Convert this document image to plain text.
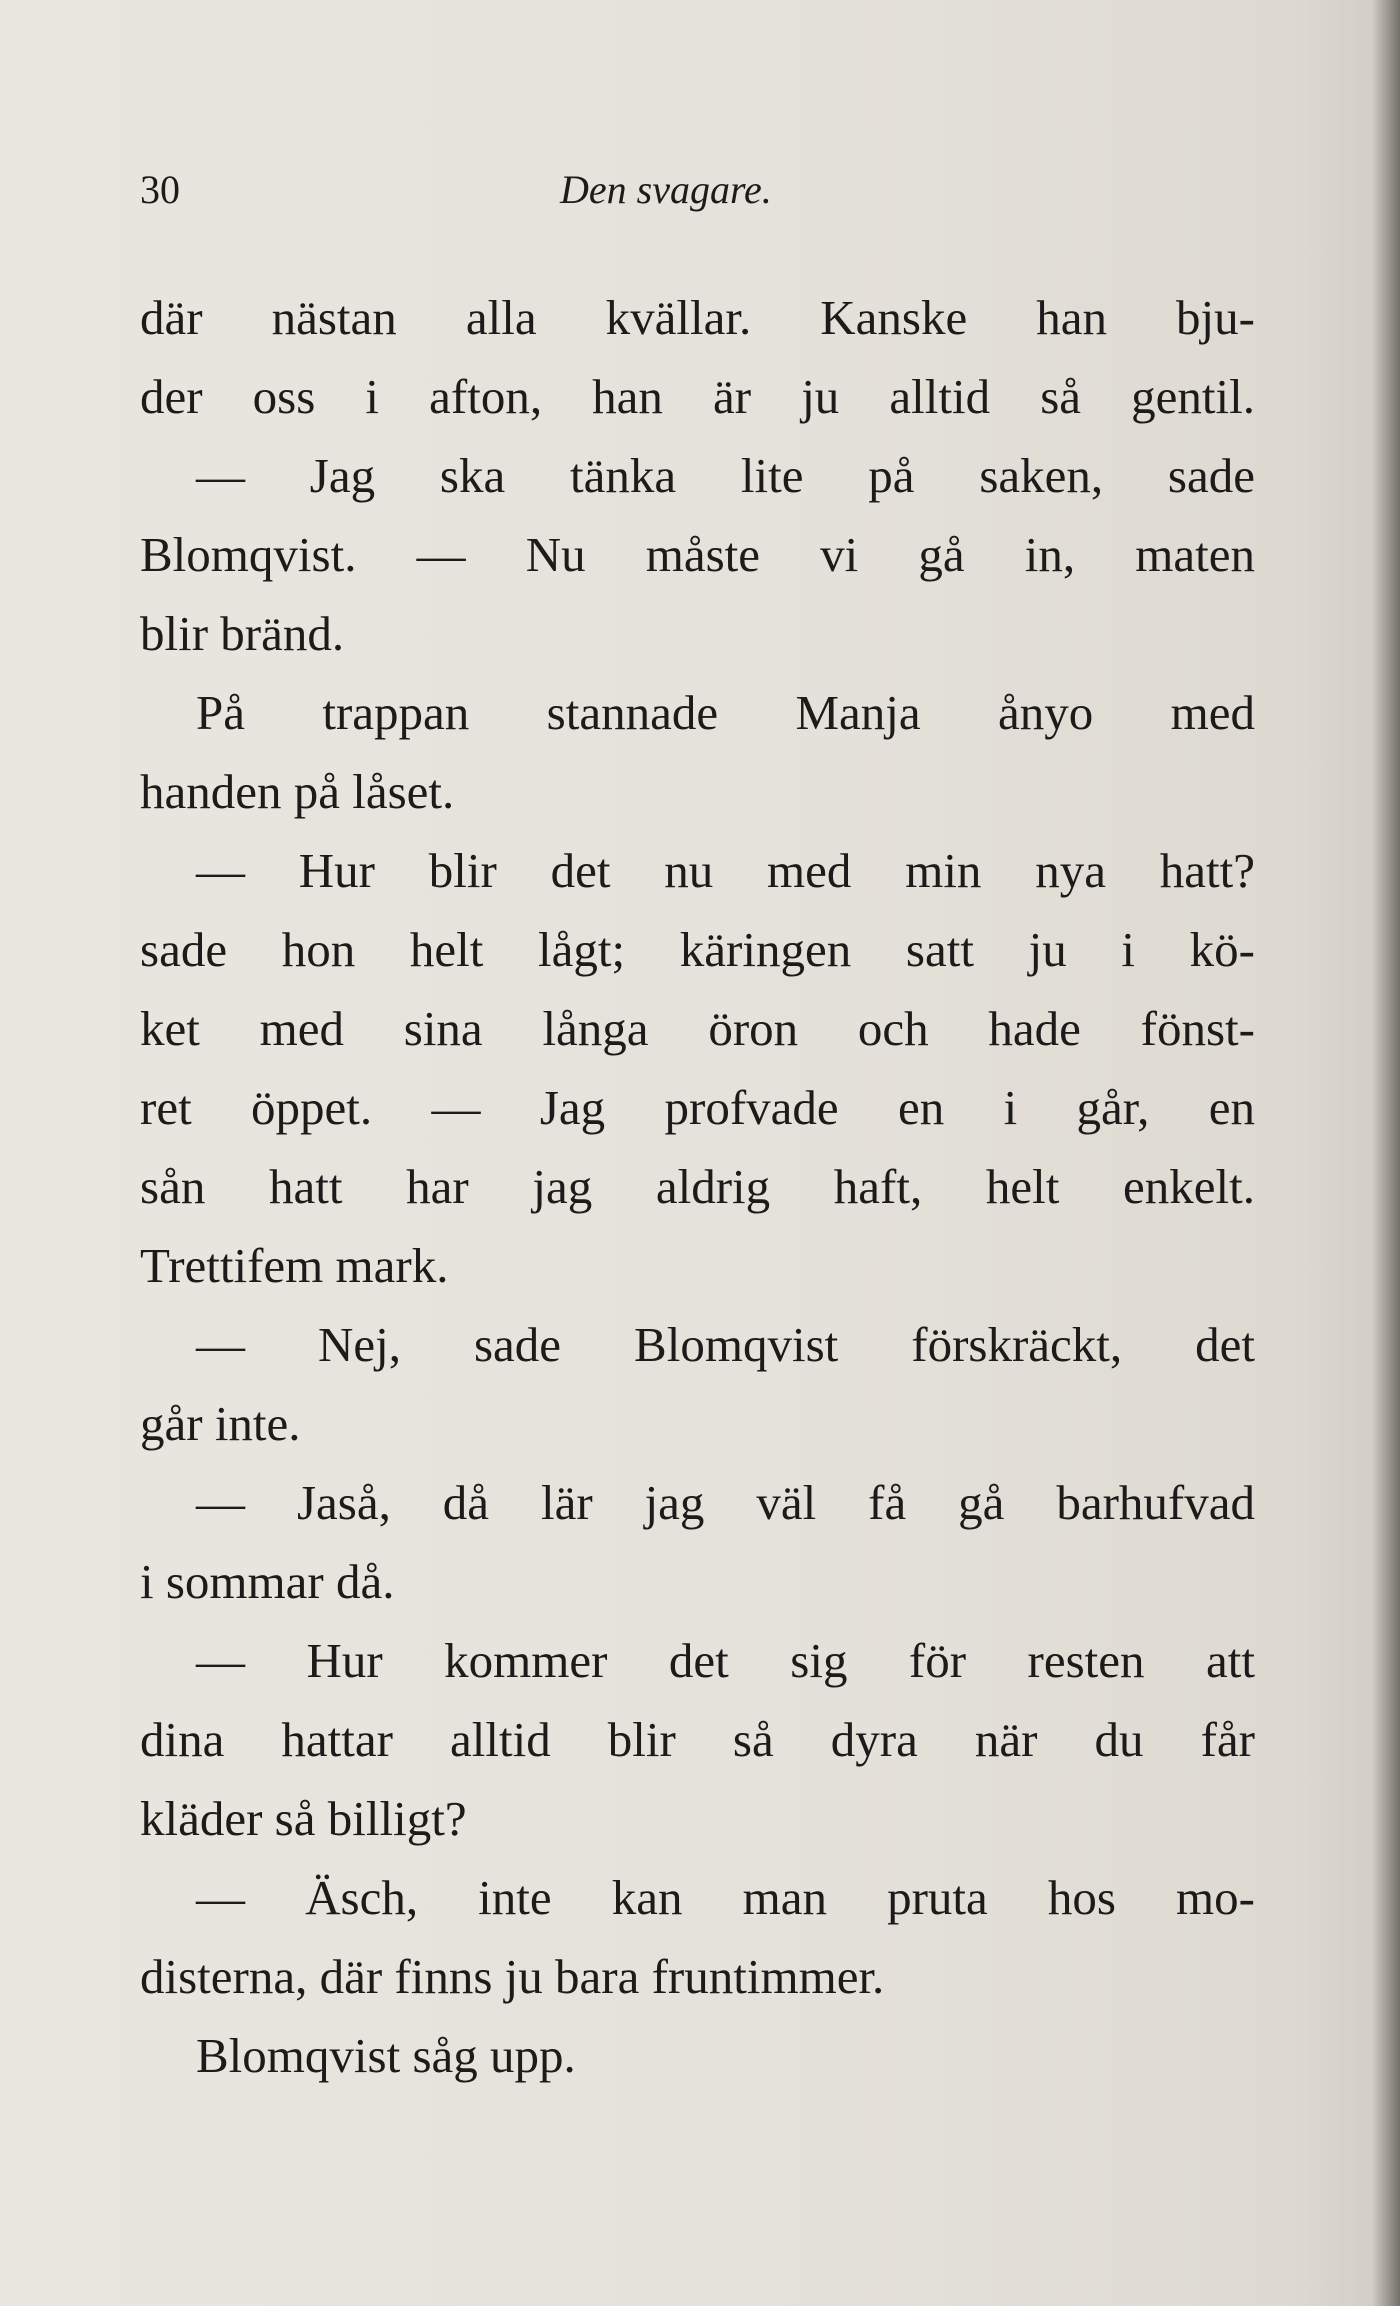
30	Den svagare.
där nästan alla kvällar. Kanske han bju-
der oss i afton, han är ju alltid så gentil.
— Jag ska tänka lite på saken, sade
Blomqvist. — Nu måste vi gå in, maten
blir bränd.
På trappan stannade Manja ånyo med
handen på låset.
— Hur blir det nu med min nya hatt?
sade hon helt lågt; käringen satt ju i kö-
ket med sina långa öron och hade fönst-
ret öppet. — Jag profvade en i går, en
sån hatt har jag aldrig haft, helt enkelt.
Trettifem mark.
— Nej, sade Blomqvist förskräckt, det
går inte.
— Jaså, då lär jag väl få gå barhufvad
i sommar då.
— Hur kommer det sig för resten att
dina hattar alltid blir så dyra när du får
kläder så billigt?
— Äsch, inte kan man pruta hos mo-
disterna, där finns ju bara fruntimmer.
Blomqvist såg upp.
